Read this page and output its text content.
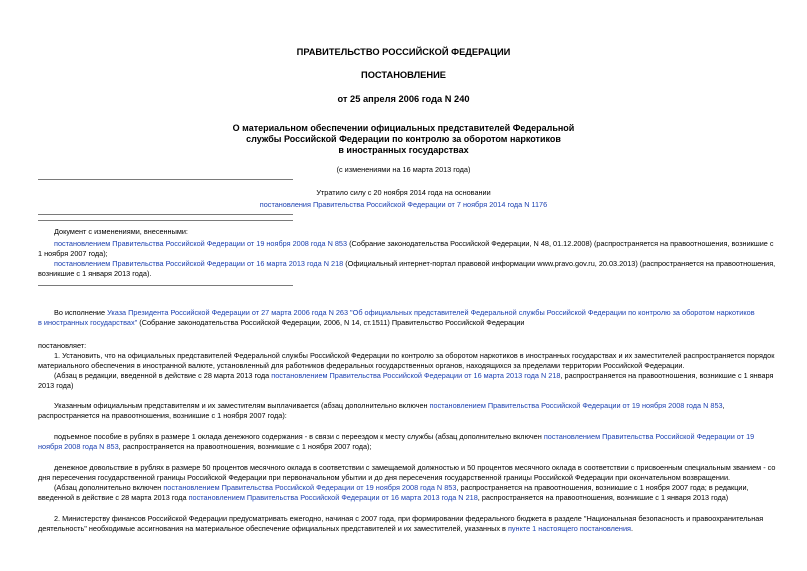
ПРАВИТЕЛЬСТВО РОССИЙСКОЙ ФЕДЕРАЦИИ
ПОСТАНОВЛЕНИЕ
от 25 апреля 2006 года N 240
О материальном обеспечении официальных представителей Федеральной
службы Российской Федерации по контролю за оборотом наркотиков
в иностранных государствах
(с изменениями на 16 марта 2013 года)
Утратило силу с 20 ноября 2014 года на основании
постановления Правительства Российской Федерации от 7 ноября 2014 года N 1176
Документ с изменениями, внесенными:
постановлением Правительства Российской Федерации от 19 ноября 2008 года N 853 (Собрание законодательства Российской Федерации, N 48, 01.12.2008) (распространяется на правоотношения, возникшие с
1 ноября 2007 года);
постановлением Правительства Российской Федерации от 16 марта 2013 года N 218 (Официальный интернет-портал правовой информации www.pravo.gov.ru, 20.03.2013) (распространяется на правоотношения,
возникшие с 1 января 2013 года).
Во исполнение Указа Президента Российской Федерации от 27 марта 2006 года N 263 "Об официальных представителей Федеральной службы Российской Федерации по контролю за оборотом наркотиков
в иностранных государствах" (Собрание законодательства Российской Федерации, 2006, N 14, ст.1511) Правительство Российской Федерации
постановляет:
1. Установить, что на официальных представителей Федеральной службы Российской Федерации по контролю за оборотом наркотиков в иностранных государствах и их заместителей распространяется порядок
материального обеспечения в иностранной валюте, установленный для работников федеральных государственных органов, находящихся за пределами территории Российской Федерации.
(Абзац в редакции, введенной в действие с 28 марта 2013 года постановлением Правительства Российской Федерации от 16 марта 2013 года N 218, распространяется на правоотношения, возникшие с 1 января
2013 года)
Указанным официальным представителям и их заместителям выплачивается (абзац дополнительно включен постановлением Правительства Российской Федерации от 19 ноября 2008 года N 853,
распространяется на правоотношения, возникшие с 1 ноября 2007 года):
подъемное пособие в рублях в размере 1 оклада денежного содержания - в связи с переездом к месту службы (абзац дополнительно включен постановлением Правительства Российской Федерации от 19
ноября 2008 года N 853, распространяется на правоотношения, возникшие с 1 ноября 2007 года);
денежное довольствие в рублях в размере 50 процентов месячного оклада в соответствии с замещаемой должностью и 50 процентов месячного оклада в соответствии с присвоенным специальным званием - со
дня пересечения государственной границы Российской Федерации при первоначальном убытии и до дня пересечения государственной границы Российской Федерации при окончательном возвращении.
(Абзац дополнительно включен постановлением Правительства Российской Федерации от 19 ноября 2008 года N 853, распространяется на правоотношения, возникшие с 1 ноября 2007 года; в редакции,
введенной в действие с 28 марта 2013 года постановлением Правительства Российской Федерации от 16 марта 2013 года N 218, распространяется на правоотношения, возникшие с 1 января 2013 года)
2. Министерству финансов Российской Федерации предусматривать ежегодно, начиная с 2007 года, при формировании федерального бюджета в разделе "Национальная безопасность и правоохранительная
деятельность" необходимые ассигнования на материальное обеспечение официальных представителей и их заместителей, указанных в пункте 1 настоящего постановления.
